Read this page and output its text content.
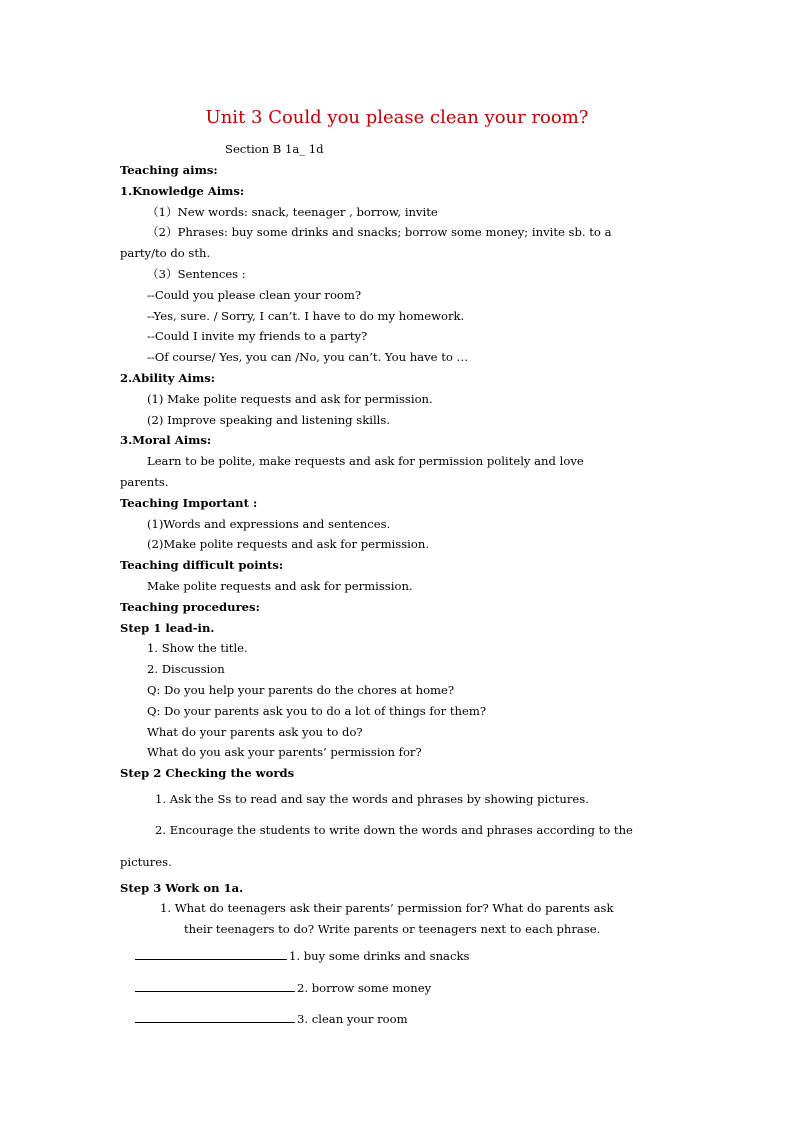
Unit 3 Could you please clean your room?
Section B 1a_ 1d
Teaching aims:
1.Knowledge Aims:
（1）New words: snack, teenager , borrow, invite
（2）Phrases: buy some drinks and snacks; borrow some money; invite sb. to a
party/to do sth.
（3）Sentences :
--Could you please clean your room?
--Yes, sure. / Sorry, I can’t. I have to do my homework.
--Could I invite my friends to a party?
--Of course/ Yes, you can /No, you can’t. You have to …
2.Ability Aims:
(1) Make polite requests and ask for permission.
(2) Improve speaking and listening skills.
3.Moral Aims:
Learn to be polite, make requests and ask for permission politely and love
parents.
Teaching Important :
(1)Words and expressions and sentences.
(2)Make polite requests and ask for permission.
Teaching difficult points:
Make polite requests and ask for permission.
Teaching procedures:
Step 1 lead-in.
1. Show the title.
2. Discussion
Q: Do you help your parents do the chores at home?
Q: Do your parents ask you to do a lot of things for them?
What do your parents ask you to do?
What do you ask your parents’ permission for?
Step 2 Checking the words
1. Ask the Ss to read and say the words and phrases by showing pictures.
2. Encourage the students to write down the words and phrases according to the
pictures.
Step 3 Work on 1a.
1. What do teenagers ask their parents’ permission for? What do parents ask
their teenagers to do? Write parents or teenagers next to each phrase.
1. buy some drinks and snacks
2. borrow some money
3. clean your room
